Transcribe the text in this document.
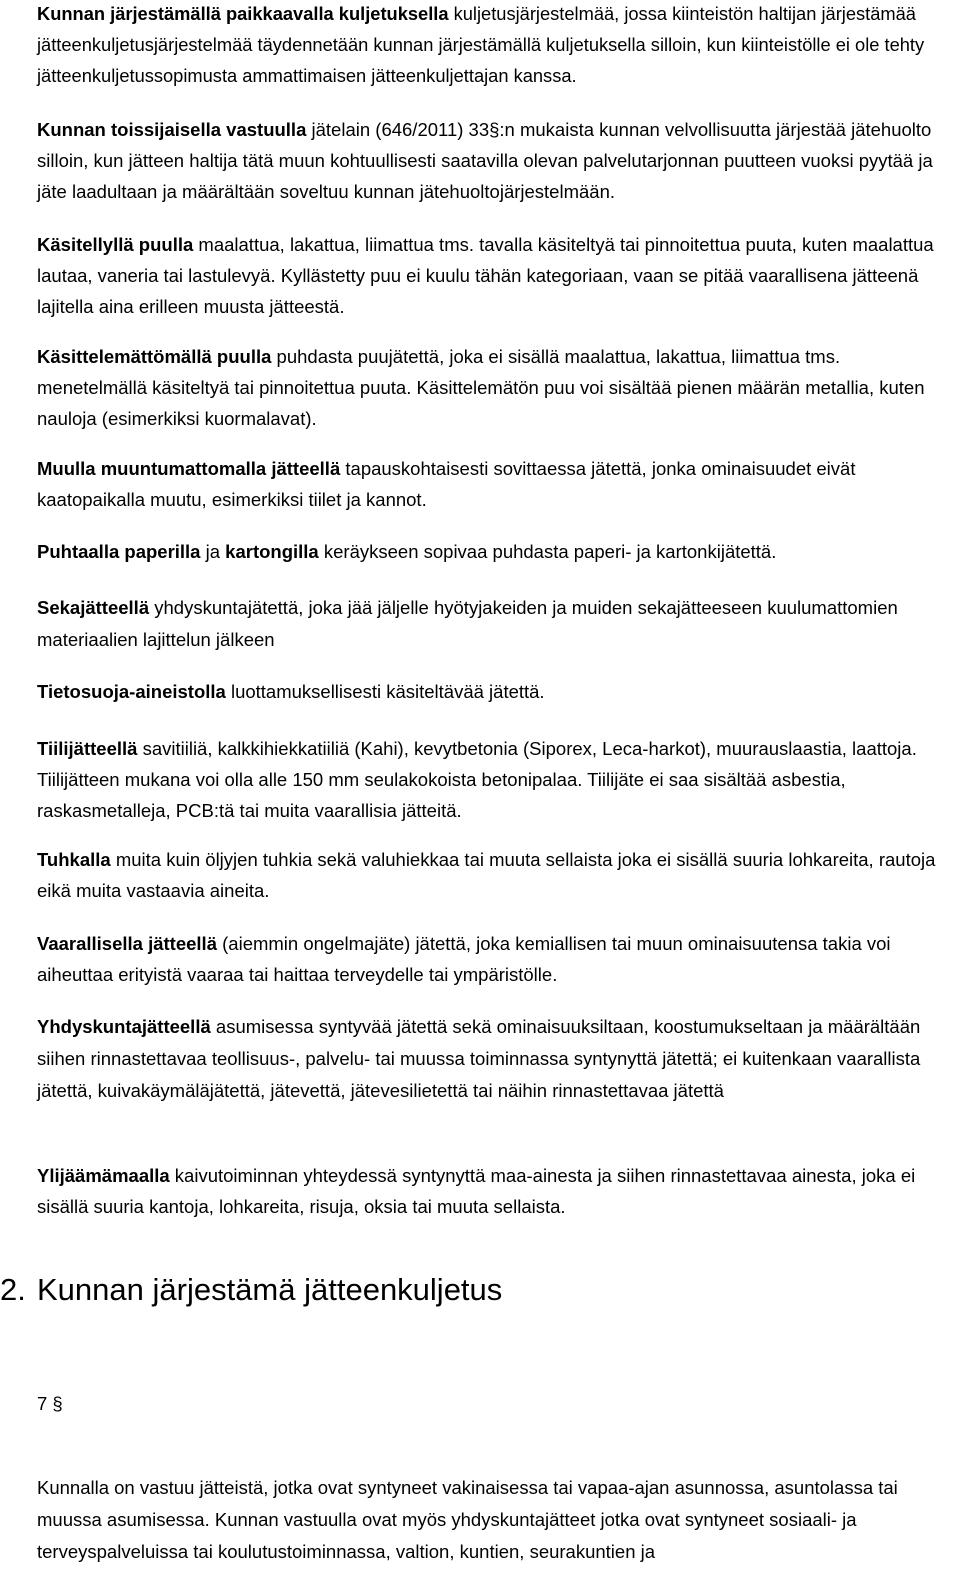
Kunnan järjestämällä paikkaavalla kuljetuksella kuljetusjärjestelmää, jossa kiinteistön haltijan järjestämää jätteenkuljetusjärjestelmää täydennetään kunnan järjestämällä kuljetuksella silloin, kun kiinteistölle ei ole tehty jätteenkuljetussopimusta ammattimaisen jätteenkuljettajan kanssa.

Kunnan toissijaisella vastuulla jätelain (646/2011) 33§:n mukaista kunnan velvollisuutta järjestää jätehuolto silloin, kun jätteen haltija tätä muun kohtuullisesti saatavilla olevan palvelutarjonnan puutteen vuoksi pyytää ja jäte laadultaan ja määrältään soveltuu kunnan jätehuoltojärjestelmään.

Käsitellyllä puulla maalattua, lakattua, liimattua tms. tavalla käsiteltyä tai pinnoitettua puuta, kuten maalattua lautaa, vaneria tai lastulevyä. Kyllästetty puu ei kuulu tähän kategoriaan, vaan se pitää vaarallisena jätteenä lajitella aina erilleen muusta jätteestä.

Käsittelemättömällä puulla puhdasta puujätettä, joka ei sisällä maalattua, lakattua, liimattua tms. menetelmällä käsiteltyä tai pinnoitettua puuta. Käsittelemätön puu voi sisältää pienen määrän metallia, kuten nauloja (esimerkiksi kuormalavat).

Muulla muuntumattomalla jätteellä tapauskohtaisesti sovittaessa jätettä, jonka ominaisuudet eivät kaatopaikalla muutu, esimerkiksi tiilet ja kannot.

Puhtaalla paperilla ja kartongilla keräykseen sopivaa puhdasta paperi- ja kartonkijätettä.

Sekajätteellä yhdyskuntajätettä, joka jää jäljelle hyötyjakeiden ja muiden sekajätteeseen kuulumattomien materiaalien lajittelun jälkeen

Tietosuoja-aineistolla luottamuksellisesti käsiteltävää jätettä.

Tiilijätteellä savitiiliä, kalkkihiekkatiiliä (Kahi), kevytbetonia (Siporex, Leca-harkot), muurauslaastia, laattoja. Tiilijätteen mukana voi olla alle 150 mm seulakokoista betonipalaa. Tiilijäte ei saa sisältää asbestia, raskasmetalleja, PCB:tä tai muita vaarallisia jätteitä.

Tuhkalla muita kuin öljyjen tuhkia sekä valuhiekkaa tai muuta sellaista joka ei sisällä suuria lohkareita, rautoja eikä muita vastaavia aineita.

Vaarallisella jätteellä (aiemmin ongelmajäte) jätettä, joka kemiallisen tai muun ominaisuutensa takia voi aiheuttaa erityistä vaaraa tai haittaa terveydelle tai ympäristölle.

Yhdyskuntajätteellä asumisessa syntyvää jätettä sekä ominaisuuksiltaan, koostumukseltaan ja määrältään siihen rinnastettavaa teollisuus-, palvelu- tai muussa toiminnassa syntynyttä jätettä; ei kuitenkaan vaarallista jätettä, kuivakäymäläjätettä, jätevettä, jätevesilietettä tai näihin rinnastettavaa jätettä

Ylijäämämaalla kaivutoiminnan yhteydessä syntynyttä maa-ainesta ja siihen rinnastettavaa ainesta, joka ei sisällä suuria kantoja, lohkareita, risuja, oksia tai muuta sellaista.

2. Kunnan järjestämä jätteenkuljetus
7 §

Kunnalla on vastuu jätteistä, jotka ovat syntyneet vakinaisessa tai vapaa-ajan asunnossa, asuntolassa tai muussa asumisessa. Kunnan vastuulla ovat myös yhdyskuntajätteet jotka ovat syntyneet sosiaali- ja terveyspalveluissa tai koulutustoiminnassa, valtion, kuntien, seurakuntien ja
